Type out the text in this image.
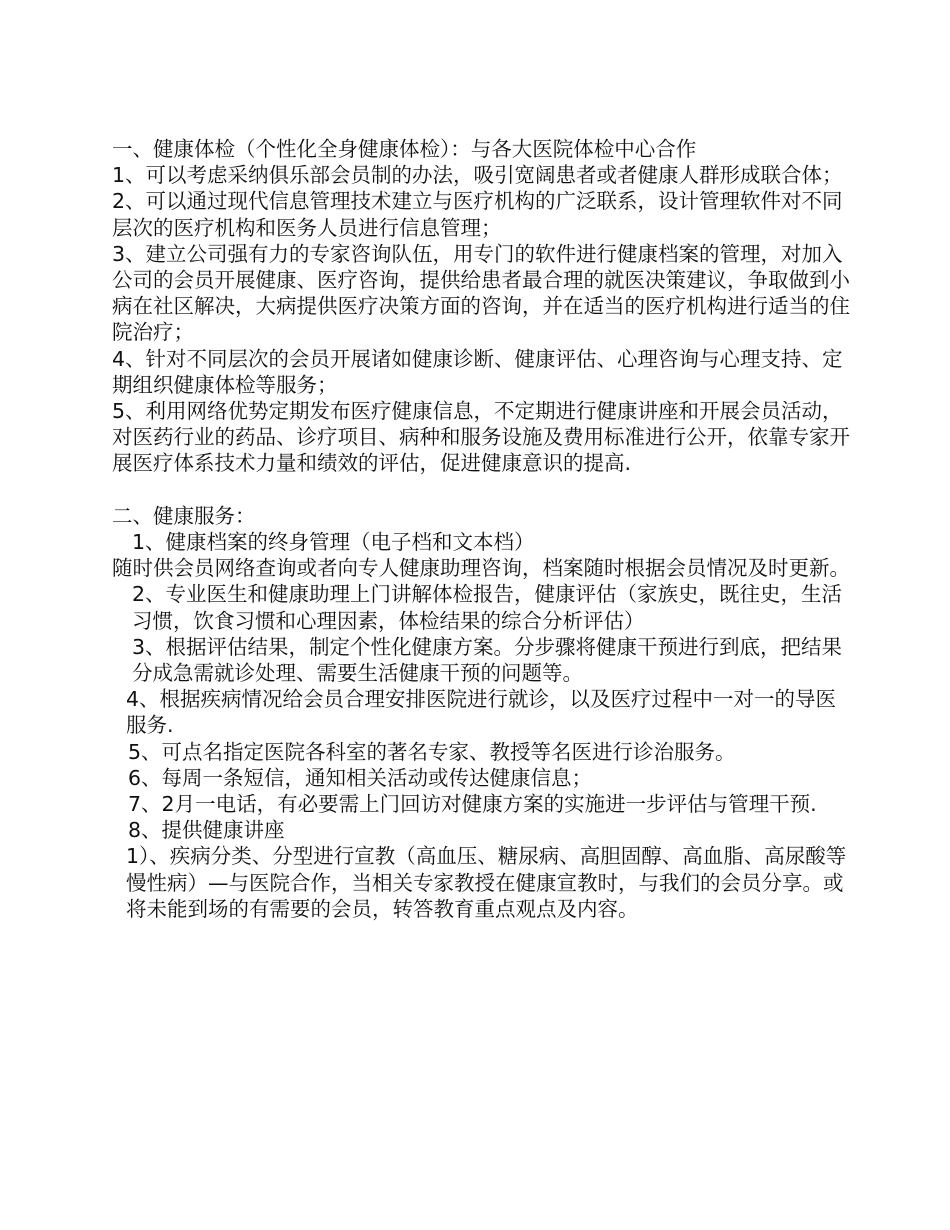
一、健康体检（个性化全身健康体检）：与各大医院体检中心合作

1、可以考虑采纳俱乐部会员制的办法，吸引宽阔患者或者健康人群形成联合体；

2、可以通过现代信息管理技术建立与医疗机构的广泛联系，设计管理软件对不同层次的医疗机构和医务人员进行信息管理；

3、建立公司强有力的专家咨询队伍，用专门的软件进行健康档案的管理，对加入公司的会员开展健康、医疗咨询，提供给患者最合理的就医决策建议，争取做到小病在社区解决，大病提供医疗决策方面的咨询，并在适当的医疗机构进行适当的住院治疗；

4、针对不同层次的会员开展诸如健康诊断、健康评估、心理咨询与心理支持、定期组织健康体检等服务；

5、利用网络优势定期发布医疗健康信息，不定期进行健康讲座和开展会员活动，对医药行业的药品、诊疗项目、病种和服务设施及费用标准进行公开，依靠专家开展医疗体系技术力量和绩效的评估，促进健康意识的提高.

二、健康服务：

1、健康档案的终身管理（电子档和文本档）

随时供会员网络查询或者向专人健康助理咨询，档案随时根据会员情况及时更新。

2、专业医生和健康助理上门讲解体检报告，健康评估（家族史，既往史，生活习惯，饮食习惯和心理因素，体检结果的综合分析评估）

3、根据评估结果，制定个性化健康方案。分步骤将健康干预进行到底，把结果分成急需就诊处理、需要生活健康干预的问题等。

4、根据疾病情况给会员合理安排医院进行就诊，以及医疗过程中一对一的导医服务.

5、可点名指定医院各科室的著名专家、教授等名医进行诊治服务。

6、每周一条短信，通知相关活动或传达健康信息；

7、2月一电话，有必要需上门回访对健康方案的实施进一步评估与管理干预.

8、提供健康讲座

1）、疾病分类、分型进行宣教（高血压、糖尿病、高胆固醇、高血脂、高尿酸等慢性病）—与医院合作，当相关专家教授在健康宣教时，与我们的会员分享。或将未能到场的有需要的会员，转答教育重点观点及内容。
